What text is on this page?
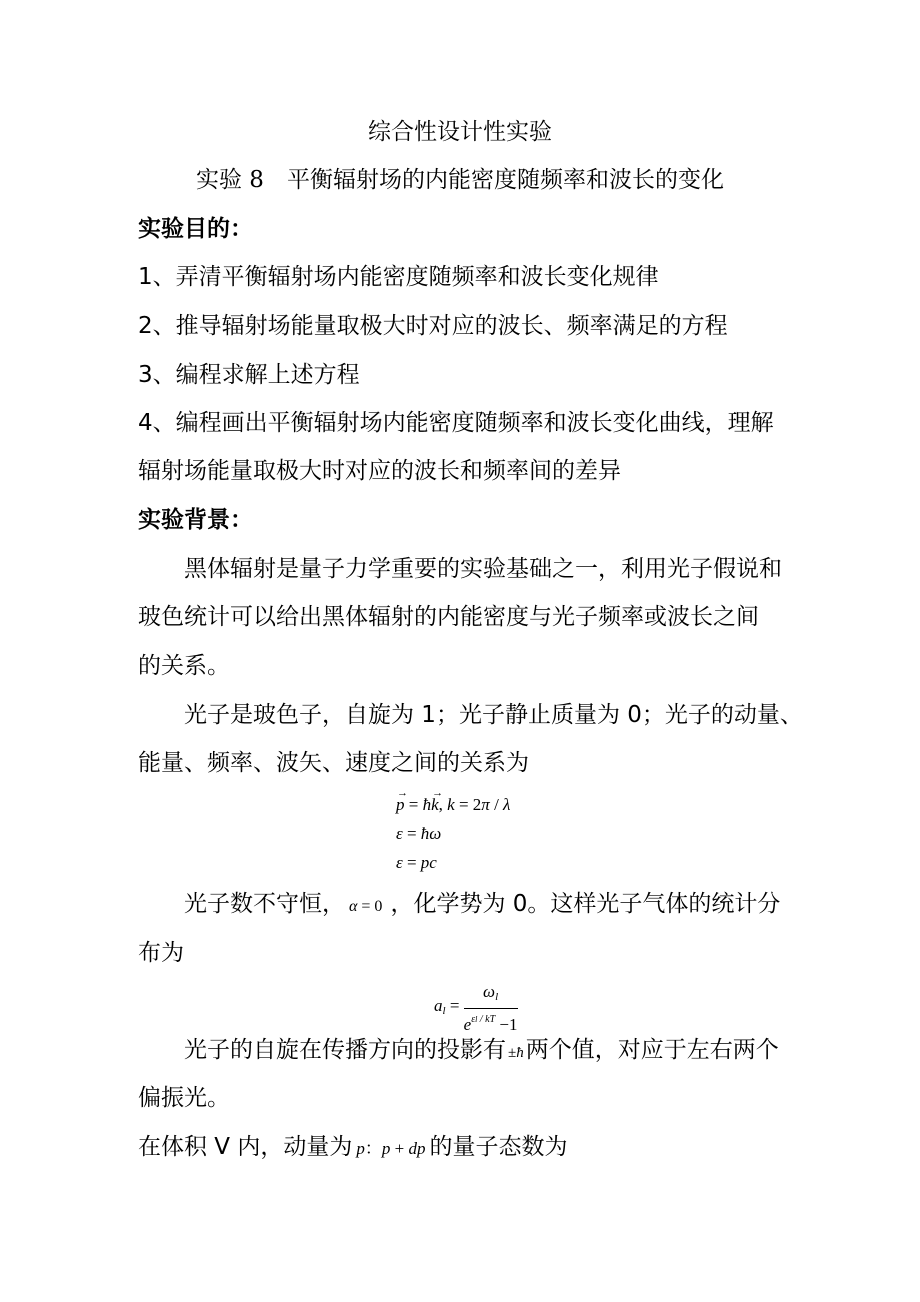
综合性设计性实验
实验 8　平衡辐射场的内能密度随频率和波长的变化
实验目的：
1、弄清平衡辐射场内能密度随频率和波长变化规律
2、推导辐射场能量取极大时对应的波长、频率满足的方程
3、编程求解上述方程
4、编程画出平衡辐射场内能密度随频率和波长变化曲线，理解
辐射场能量取极大时对应的波长和频率间的差异
实验背景：
黑体辐射是量子力学重要的实验基础之一，利用光子假说和
玻色统计可以给出黑体辐射的内能密度与光子频率或波长之间
的关系。
光子是玻色子，自旋为 1；光子静止质量为 0；光子的动量、
能量、频率、波矢、速度之间的关系为
→ p = ħ→ k, k = 2π / λ
ε = ħω
ε = pc
光子数不守恒， α = 0 ，化学势为 0。这样光子气体的统计分
布为
$a_l = \frac{\omega_l}{e^{\varepsilon l / kT} -1}$
光子的自旋在传播方向的投影有 ±ħ两个值，对应于左右两个
偏振光。
在体积 V 内，动量为 p：p + dp 的量子态数为
